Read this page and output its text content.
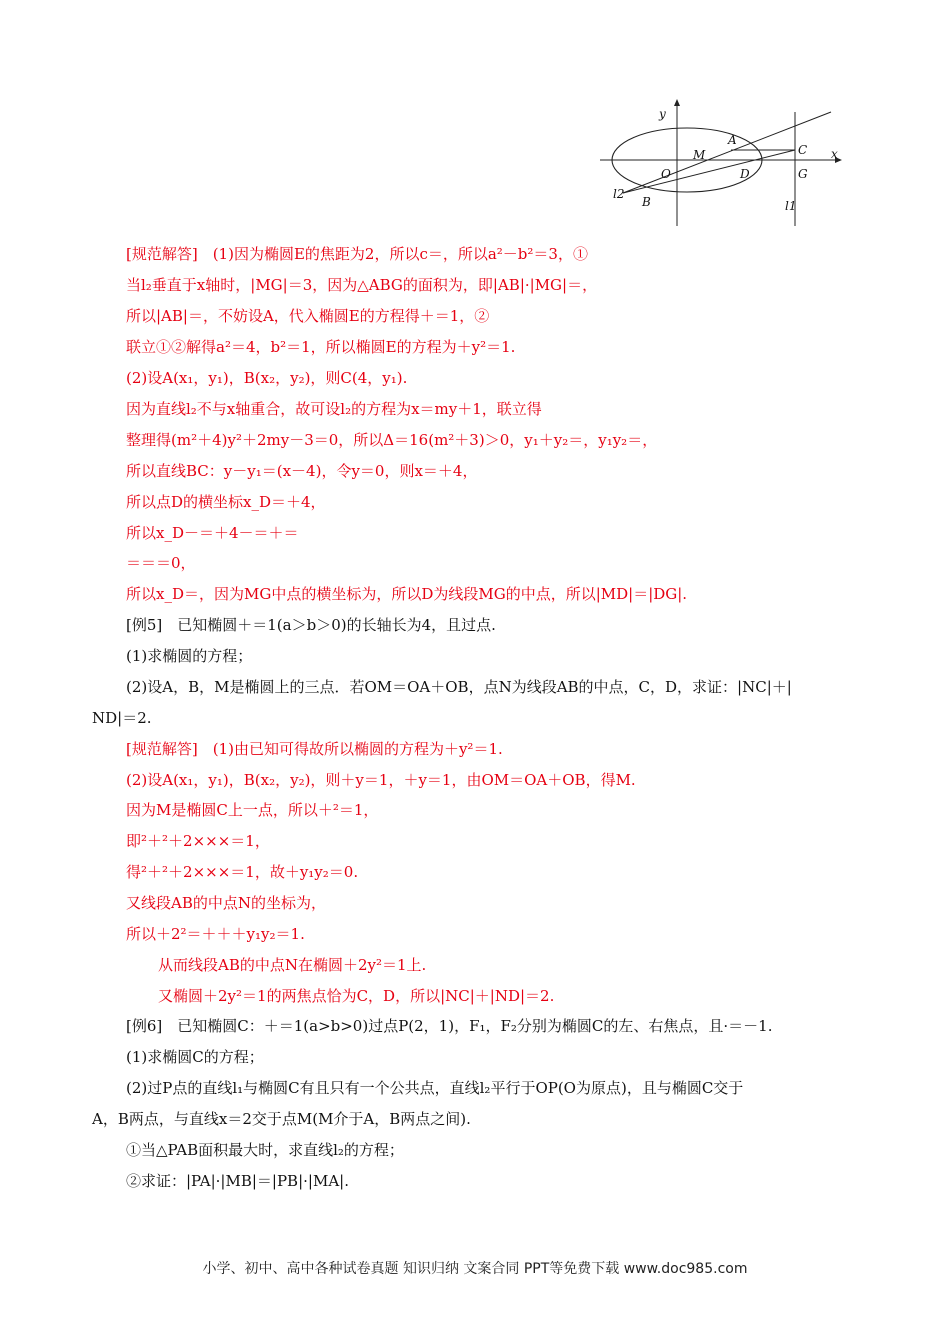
y
x
A
C
M
O	D	G
l2
B	l1
[规范解答]　(1)因为椭圆E的焦距为2，所以c＝，所以a²－b²＝3，①
当l₂垂直于x轴时，|MG|＝3，因为△ABG的面积为，即|AB|·|MG|＝，
所以|AB|＝，不妨设A，代入椭圆E的方程得＋＝1，②
联立①②解得a²＝4，b²＝1，所以椭圆E的方程为＋y²＝1.
(2)设A(x₁，y₁)，B(x₂，y₂)，则C(4，y₁).
因为直线l₂不与x轴重合，故可设l₂的方程为x＝my＋1，联立得
整理得(m²＋4)y²＋2my－3＝0，所以Δ＝16(m²＋3)＞0，y₁＋y₂＝，y₁y₂＝，
所以直线BC：y－y₁＝(x－4)，令y＝0，则x＝＋4，
所以点D的横坐标x_D＝＋4，
所以x_D－＝＋4－＝＋＝
＝＝＝0，
所以x_D＝，因为MG中点的横坐标为，所以D为线段MG的中点，所以|MD|＝|DG|.
[例5]　已知椭圆＋＝1(a＞b＞0)的长轴长为4，且过点.
(1)求椭圆的方程；
(2)设A，B，M是椭圆上的三点．若OM＝OA＋OB，点N为线段AB的中点，C，D，求证：|NC|＋|
ND|＝2.
[规范解答]　(1)由已知可得故所以椭圆的方程为＋y²＝1.
(2)设A(x₁，y₁)，B(x₂，y₂)，则＋y＝1，＋y＝1，由OM＝OA＋OB，得M.
因为M是椭圆C上一点，所以＋²＝1，
即²＋²＋2×××＝1，
得²＋²＋2×××＝1，故＋y₁y₂＝0.
又线段AB的中点N的坐标为，
所以＋2²＝＋＋＋y₁y₂＝1.
从而线段AB的中点N在椭圆＋2y²＝1上.
又椭圆＋2y²＝1的两焦点恰为C，D，所以|NC|＋|ND|＝2.
[例6]　已知椭圆C：＋＝1(a>b>0)过点P(2，1)，F₁，F₂分别为椭圆C的左、右焦点，且·＝－1.
(1)求椭圆C的方程；
(2)过P点的直线l₁与椭圆C有且只有一个公共点，直线l₂平行于OP(O为原点)，且与椭圆C交于
A，B两点，与直线x＝2交于点M(M介于A，B两点之间).
①当△PAB面积最大时，求直线l₂的方程；
②求证：|PA|·|MB|＝|PB|·|MA|.
小学、初中、高中各种试卷真题 知识归纳 文案合同 PPT等免费下载 www.doc985.com
